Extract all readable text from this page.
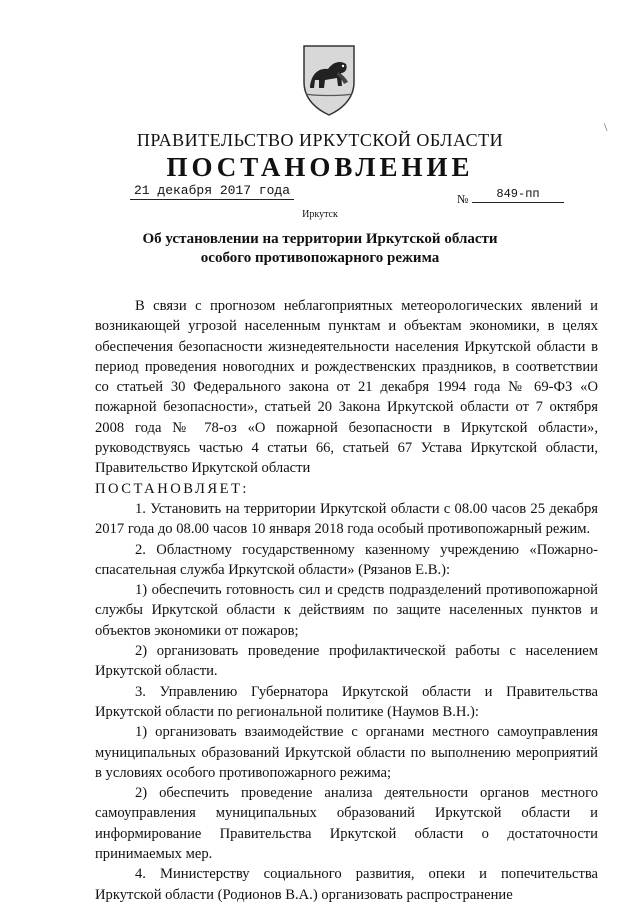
\
ПРАВИТЕЛЬСТВО ИРКУТСКОЙ ОБЛАСТИ
ПОСТАНОВЛЕНИЕ
21 декабря 2017 года
№	849-пп
Иркутск
Об установлении на территории Иркутской области особого противопожарного режима

В связи с прогнозом неблагоприятных метеорологических явлений и возникающей угрозой населенным пунктам и объектам экономики, в целях обеспечения безопасности жизнедеятельности населения Иркутской области в период проведения новогодних и рождественских праздников, в соответствии со статьей 30 Федерального закона от 21 декабря 1994 года № 69-ФЗ «О пожарной безопасности», статьей 20 Закона Иркутской области от 7 октября 2008 года № 78-оз «О пожарной безопасности в Иркутской области», руководствуясь частью 4 статьи 66, статьей 67 Устава Иркутской области, Правительство Иркутской области

ПОСТАНОВЛЯЕТ:

1. Установить на территории Иркутской области с 08.00 часов 25 декабря 2017 года до 08.00 часов 10 января 2018 года особый противопожарный режим.

2. Областному государственному казенному учреждению «Пожарно-спасательная служба Иркутской области» (Рязанов Е.В.):

1) обеспечить готовность сил и средств подразделений противопожарной службы Иркутской области к действиям по защите населенных пунктов и объектов экономики от пожаров;

2) организовать проведение профилактической работы с населением Иркутской области.

3. Управлению Губернатора Иркутской области и Правительства Иркутской области по региональной политике (Наумов В.Н.):

1) организовать взаимодействие с органами местного самоуправления муниципальных образований Иркутской области по выполнению мероприятий в условиях особого противопожарного режима;

2) обеспечить проведение анализа деятельности органов местного самоуправления муниципальных образований Иркутской области и информирование Правительства Иркутской области о достаточности принимаемых мер.

4. Министерству социального развития, опеки и попечительства Иркутской области (Родионов В.А.) организовать распространение
